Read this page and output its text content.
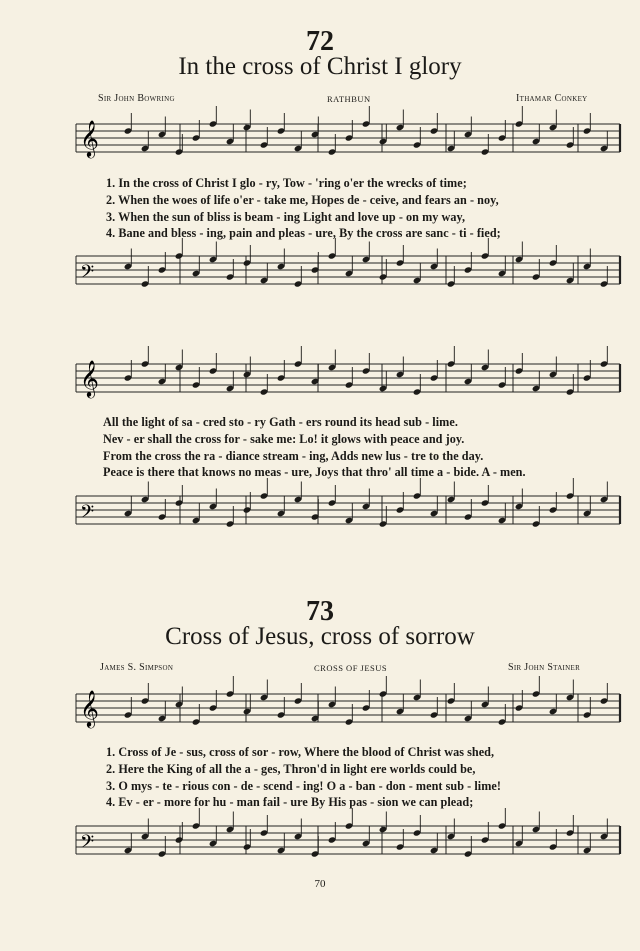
72
In the cross of Christ I glory
Sir John Bowring	RATHBUN	Ithamar Conkey
𝄞
1. In the cross of Christ I glo - ry, Tow - 'ring o'er the wrecks of time;
2. When the woes of life o'er - take me, Hopes de - ceive, and fears an - noy,
3. When the sun of bliss is beam - ing Light and love up - on my way,
4. Bane and bless - ing, pain and pleas - ure, By the cross are sanc - ti - fied;
𝄢
𝄞
All the light of sa - cred sto - ry Gath - ers round its head sub - lime.
Nev - er shall the cross for - sake me: Lo! it glows with peace and joy.
From the cross the ra - diance stream - ing, Adds new lus - tre to the day.
Peace is there that knows no meas - ure, Joys that thro' all time a - bide. A - men.
𝄢
73
Cross of Jesus, cross of sorrow
James S. Simpson	CROSS OF JESUS	Sir John Stainer
𝄞
1. Cross of Je - sus, cross of sor - row, Where the blood of Christ was shed,
2. Here the King of all the a - ges, Thron'd in light ere worlds could be,
3. O mys - te - rious con - de - scend - ing! O a - ban - don - ment sub - lime!
4. Ev - er - more for hu - man fail - ure By His pas - sion we can plead;
𝄢
70
